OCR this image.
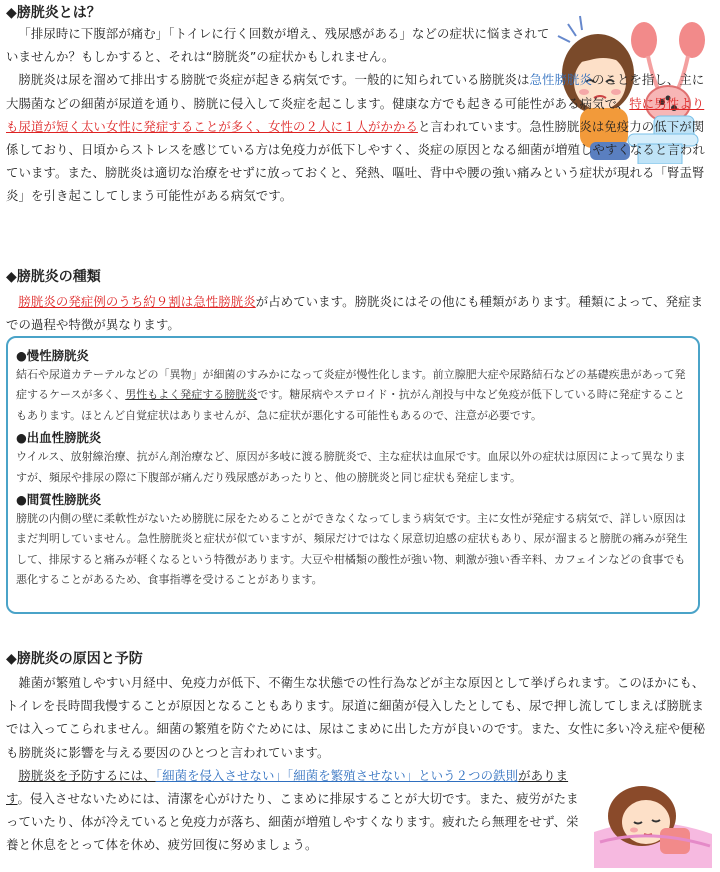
◆膀胱炎とは？

「排尿時に下腹部が痛む」「トイレに行く回数が増え、残尿感がある」などの症状に悩まされていませんか？もしかすると、それは“膀胱炎”の症状かもしれません。

膀胱炎は尿を溜めて排出する膀胱で炎症が起きる病気です。一般的に知られている膀胱炎は急性膀胱炎のことを指し、主に大腸菌などの細菌が尿道を通り、膀胱に侵入して炎症を起こします。健康な方でも起きる可能性がある病気で、特に男性よりも尿道が短く太い女性に発症することが多く、女性の２人に１人がかかると言われています。急性膀胱炎は免疫力の低下が関係しており、日頃からストレスを感じている方は免疫力が低下しやすく、炎症の原因となる細菌が増殖しやすくなると言われています。また、膀胱炎は適切な治療をせずに放っておくと、発熱、嘔吐、背中や腰の強い痛みという症状が現れる「腎盂腎炎」を引き起こしてしまう可能性がある病気です。

◆膀胱炎の種類

膀胱炎の発症例のうち約９割は急性膀胱炎が占めています。膀胱炎にはその他にも種類があります。種類によって、発症までの過程や特徴が異なります。

●慢性膀胱炎

結石や尿道カテーテルなどの「異物」が細菌のすみかになって炎症が慢性化します。前立腺肥大症や尿路結石などの基礎疾患があって発症するケースが多く、男性もよく発症する膀胱炎です。糖尿病やステロイド・抗がん剤投与中など免疫が低下している時に発症することもあります。ほとんど自覚症状はありませんが、急に症状が悪化する可能性もあるので、注意が必要です。

●出血性膀胱炎

ウイルス、放射線治療、抗がん剤治療など、原因が多岐に渡る膀胱炎で、主な症状は血尿です。血尿以外の症状は原因によって異なりますが、頻尿や排尿の際に下腹部が痛んだり残尿感があったりと、他の膀胱炎と同じ症状も発症します。

●間質性膀胱炎

膀胱の内側の壁に柔軟性がないため膀胱に尿をためることができなくなってしまう病気です。主に女性が発症する病気で、詳しい原因はまだ判明していません。急性膀胱炎と症状が似ていますが、頻尿だけではなく尿意切迫感の症状もあり、尿が溜まると膀胱の痛みが発生して、排尿すると痛みが軽くなるという特徴があります。大豆や柑橘類の酸性が強い物、刺激が強い香辛料、カフェインなどの食事でも悪化することがあるため、食事指導を受けることがあります。

◆膀胱炎の原因と予防

雑菌が繁殖しやすい月経中、免疫力が低下、不衛生な状態での性行為などが主な原因として挙げられます。このほかにも、トイレを長時間我慢することが原因となることもあります。尿道に細菌が侵入したとしても、尿で押し流してしまえば膀胱までは入ってこられません。細菌の繁殖を防ぐためには、尿はこまめに出した方が良いのです。また、女性に多い冷え症や便秘も膀胱炎に影響を与える要因のひとつと言われています。

膀胱炎を予防するには、「細菌を侵入させない」「細菌を繁殖させない」という２つの鉄則があります。侵入させないためには、清潔を心がけたり、こまめに排尿することが大切です。また、疲労がたまっていたり、体が冷えていると免疫力が落ち、細菌が増殖しやすくなります。疲れたら無理をせず、栄養と休息をとって体を休め、疲労回復に努めましょう。
